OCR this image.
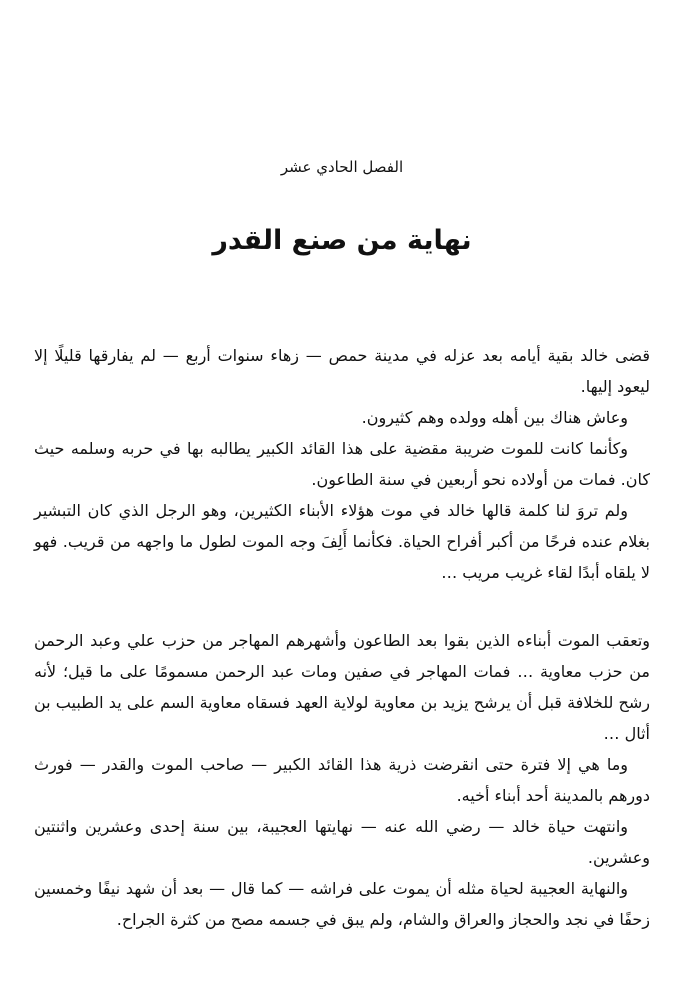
الفصل الحادي عشر
نهاية من صنع القدر

قضى خالد بقية أيامه بعد عزله في مدينة حمص — زهاء سنوات أربع — لم يفارقها قليلًا إلا ليعود إليها.

وعاش هناك بين أهله وولده وهم كثيرون.

وكأنما كانت للموت ضريبة مقضية على هذا القائد الكبير يطالبه بها في حربه وسلمه حيث كان. فمات من أولاده نحو أربعين في سنة الطاعون.

ولم تروَ لنا كلمة قالها خالد في موت هؤلاء الأبناء الكثيرين، وهو الرجل الذي كان التبشير بغلام عنده فرحًا من أكبر أفراح الحياة. فكأنما أَلِفَ وجه الموت لطول ما واجهه من قريب. فهو لا يلقاه أبدًا لقاء غريب مريب …

وتعقب الموت أبناءه الذين بقوا بعد الطاعون وأشهرهم المهاجر من حزب علي وعبد الرحمن من حزب معاوية … فمات المهاجر في صفين ومات عبد الرحمن مسمومًا على ما قيل؛ لأنه رشح للخلافة قبل أن يرشح يزيد بن معاوية لولاية العهد فسقاه معاوية السم على يد الطبيب بن أثال …

وما هي إلا فترة حتى انقرضت ذرية هذا القائد الكبير — صاحب الموت والقدر — فورث دورهم بالمدينة أحد أبناء أخيه.

وانتهت حياة خالد — رضي الله عنه — نهايتها العجيبة، بين سنة إحدى وعشرين واثنتين وعشرين.

والنهاية العجيبة لحياة مثله أن يموت على فراشه — كما قال — بعد أن شهد نيفًا وخمسين زحفًا في نجد والحجاز والعراق والشام، ولم يبق في جسمه مصح من كثرة الجراح.
